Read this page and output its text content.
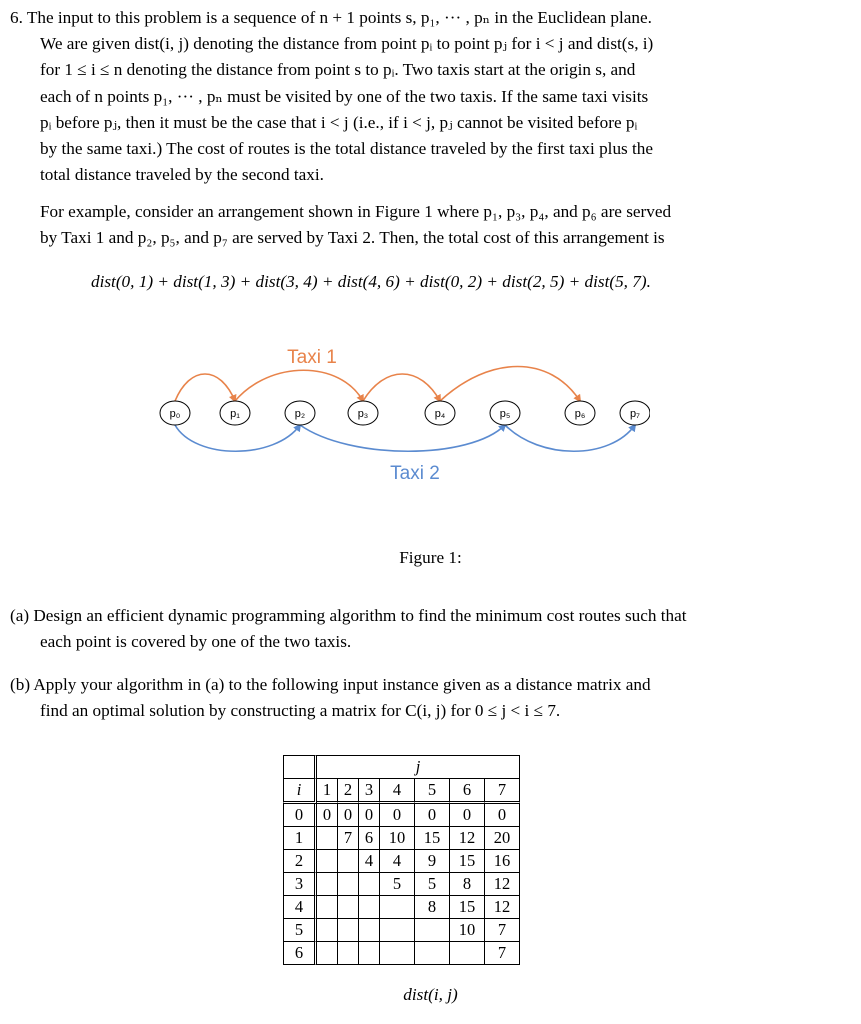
6. The input to this problem is a sequence of n + 1 points s, p₁, ··· , pₙ in the Euclidean plane.
We are given dist(i, j) denoting the distance from point pᵢ to point pⱼ for i < j and dist(s, i)
for 1 ≤ i ≤ n denoting the distance from point s to pᵢ. Two taxis start at the origin s, and
each of n points p₁, ··· , pₙ must be visited by one of the two taxis. If the same taxi visits
pᵢ before pⱼ, then it must be the case that i < j (i.e., if i < j, pⱼ cannot be visited before pᵢ
by the same taxi.) The cost of routes is the total distance traveled by the first taxi plus the
total distance traveled by the second taxi.
For example, consider an arrangement shown in Figure 1 where p₁, p₃, p₄, and p₆ are served
by Taxi 1 and p₂, p₅, and p₇ are served by Taxi 2. Then, the total cost of this arrangement is
dist(0, 1) + dist(1, 3) + dist(3, 4) + dist(4, 6) + dist(0, 2) + dist(2, 5) + dist(5, 7).
Taxi 1
Taxi 2
p₀	p₁	p₂	p₃	p₄	p₅	p₆	p₇
Figure 1:
(a) Design an efficient dynamic programming algorithm to find the minimum cost routes such that
each point is covered by one of the two taxis.
(b) Apply your algorithm in (a) to the following input instance given as a distance matrix and
find an optimal solution by constructing a matrix for C(i, j) for 0 ≤ j < i ≤ 7.
	j						
i	1	2	3	4	5	6	7
0	0	0	0	0	0	0	0
1		7	6	10	15	12	20
2			4	4	9	15	16
3				5	5	8	12
4					8	15	12
5						10	7
6							7
dist(i, j)
